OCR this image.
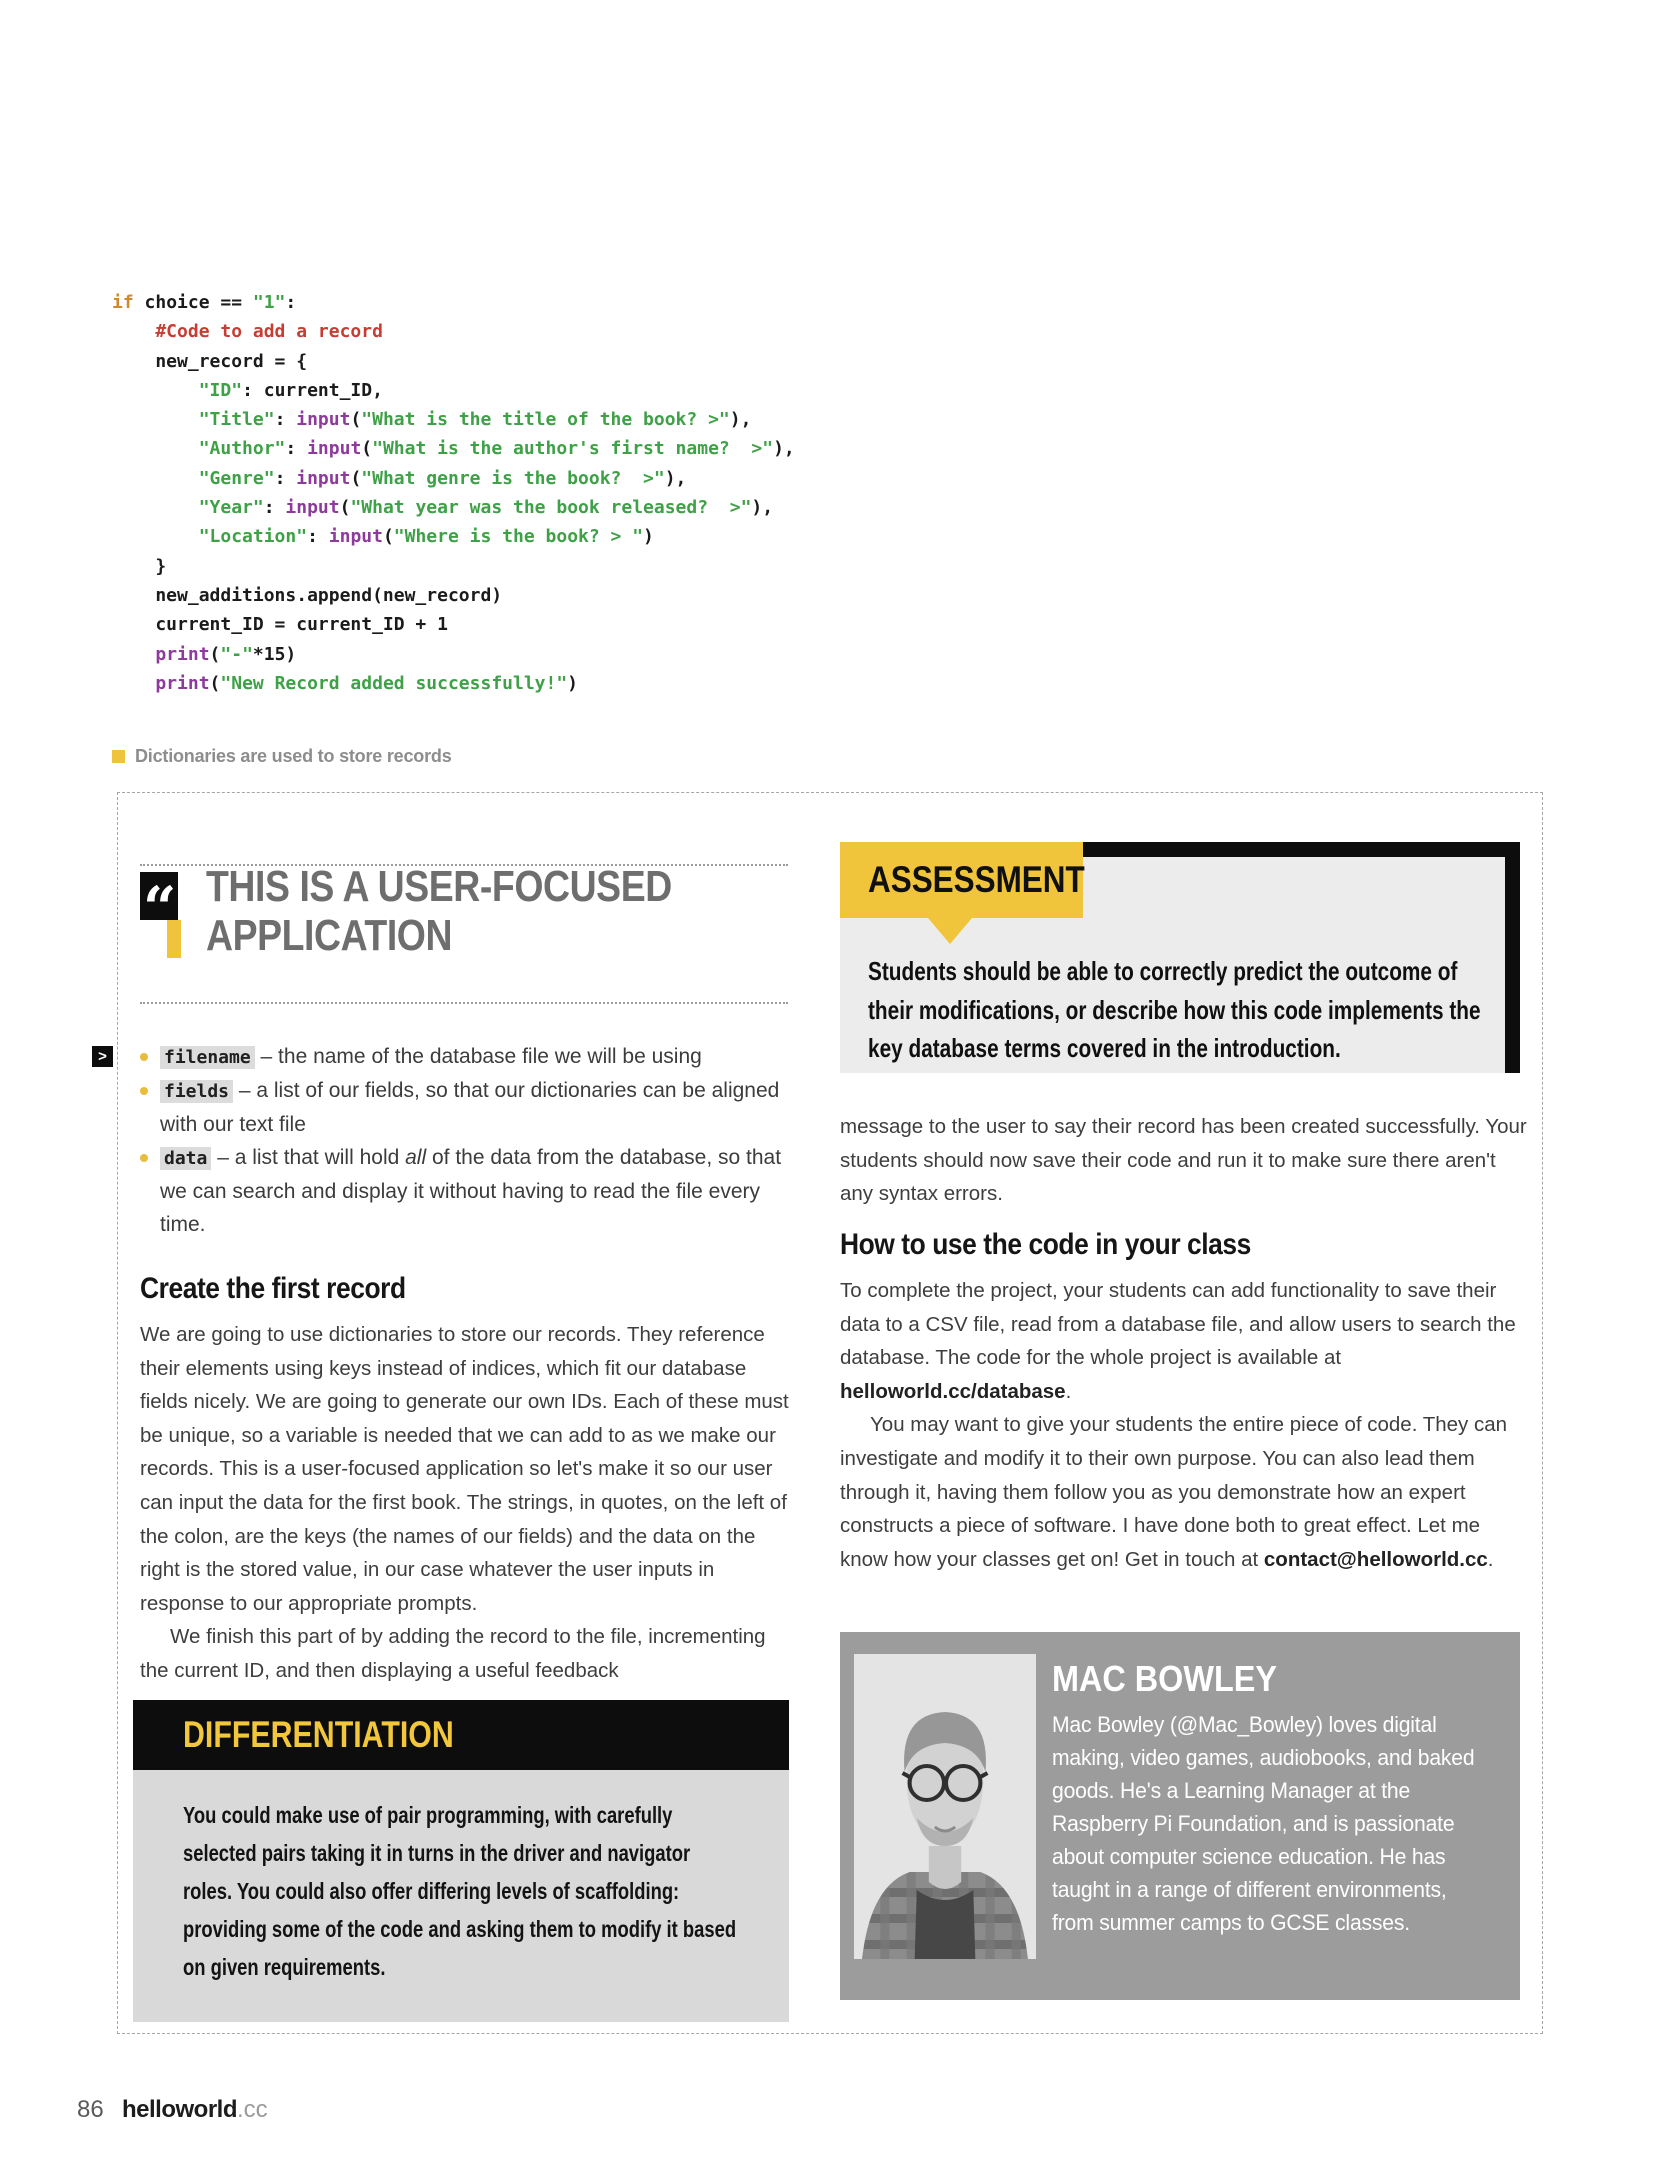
if choice == "1":
#Code to add a record
new_record = {
"ID": current_ID,
"Title": input("What is the title of the book? >"),
"Author": input("What is the author's first name?  >"),
"Genre": input("What genre is the book?  >"),
"Year": input("What year was the book released?  >"),
"Location": input("Where is the book? > ")
}
new_additions.append(new_record)
current_ID = current_ID + 1
print("-"*15)
print("New Record added successfully!")
Dictionaries are used to store records
“ THIS IS A USER-FOCUSED APPLICATION
>	filename – the name of the database file we will be using
fields – a list of our fields, so that our dictionaries can be aligned with our text file
data – a list that will hold all of the data from the database, so that we can search and display it without having to read the file every time.
Create the first record

We are going to use dictionaries to store our records. They reference their elements using keys instead of indices, which fit our database fields nicely. We are going to generate our own IDs. Each of these must be unique, so a variable is needed that we can add to as we make our records. This is a user-focused application so let's make it so our user can input the data for the first book. The strings, in quotes, on the left of the colon, are the keys (the names of our fields) and the data on the right is the stored value, in our case whatever the user inputs in response to our appropriate prompts.

We finish this part of by adding the record to the file, incrementing the current ID, and then displaying a useful feedback

DIFFERENTIATION
You could make use of pair programming, with carefully selected pairs taking it in turns in the driver and navigator roles. You could also offer differing levels of scaffolding: providing some of the code and asking them to modify it based on given requirements.
ASSESSMENT
Students should be able to correctly predict the outcome of their modifications, or describe how this code implements the key database terms covered in the introduction.

message to the user to say their record has been created successfully. Your students should now save their code and run it to make sure there aren't any syntax errors.

How to use the code in your class

To complete the project, your students can add functionality to save their data to a CSV file, read from a database file, and allow users to search the database. The code for the whole project is available at helloworld.cc/database.

You may want to give your students the entire piece of code. They can investigate and modify it to their own purpose. You can also lead them through it, having them follow you as you demonstrate how an expert constructs a piece of software. I have done both to great effect. Let me know how your classes get on! Get in touch at contact@helloworld.cc.

MAC BOWLEY
Mac Bowley (@Mac_Bowley) loves digital making, video games, audiobooks, and baked goods. He's a Learning Manager at the Raspberry Pi Foundation, and is passionate about computer science education. He has taught in a range of different environments, from summer camps to GCSE classes.
86 helloworld.cc
